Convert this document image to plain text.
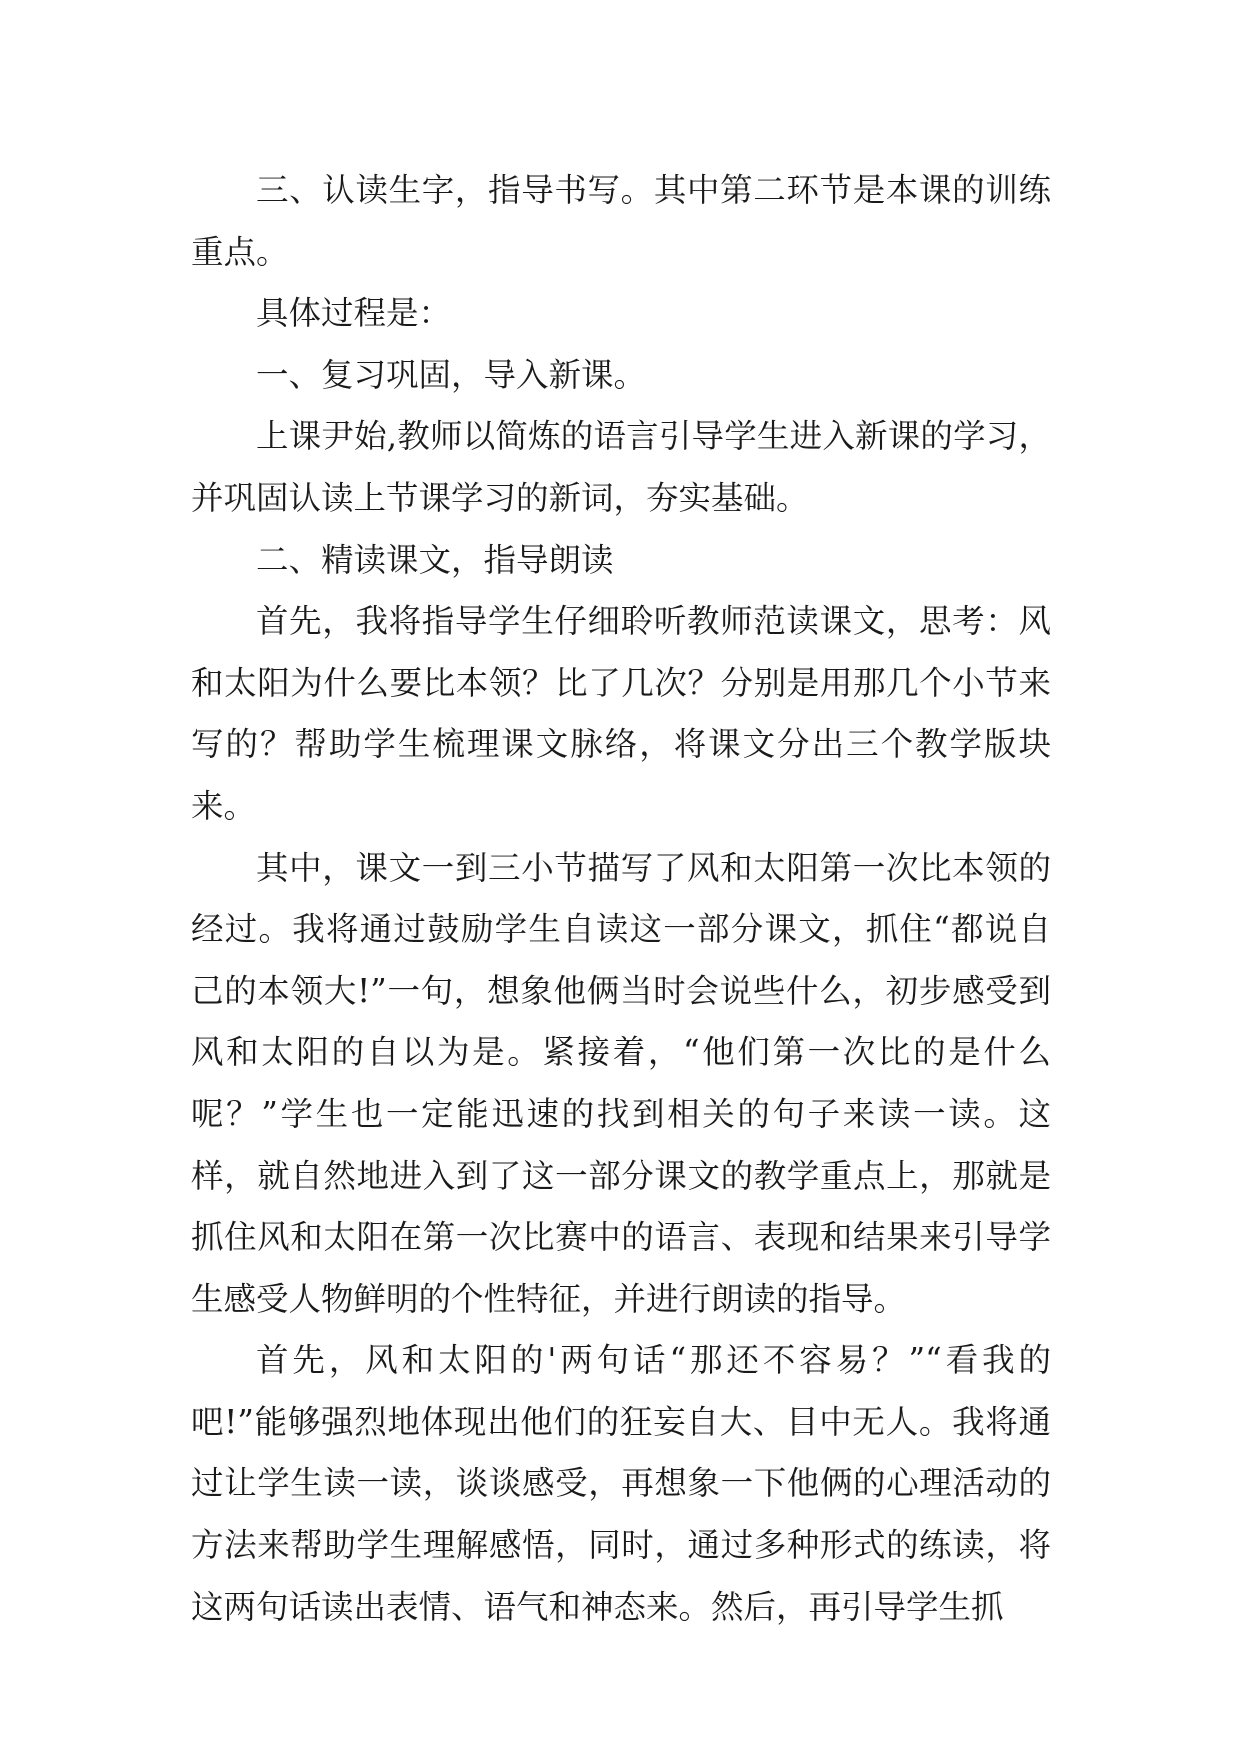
三、认读生字，指导书写。其中第二环节是本课的训练重点。

具体过程是：

一、复习巩固，导入新课。

上课尹始,教师以简炼的语言引导学生进入新课的学习，并巩固认读上节课学习的新词，夯实基础。

二、精读课文，指导朗读

首先，我将指导学生仔细聆听教师范读课文，思考：风和太阳为什么要比本领？比了几次？分别是用那几个小节来写的？帮助学生梳理课文脉络，将课文分出三个教学版块来。

其中，课文一到三小节描写了风和太阳第一次比本领的经过。我将通过鼓励学生自读这一部分课文，抓住“都说自己的本领大!”一句，想象他俩当时会说些什么，初步感受到风和太阳的自以为是。紧接着，“他们第一次比的是什么呢？”学生也一定能迅速的找到相关的句子来读一读。这样，就自然地进入到了这一部分课文的教学重点上，那就是抓住风和太阳在第一次比赛中的语言、表现和结果来引导学生感受人物鲜明的个性特征，并进行朗读的指导。

首先，风和太阳的'两句话“那还不容易？”“看我的吧!”能够强烈地体现出他们的狂妄自大、目中无人。我将通过让学生读一读，谈谈感受，再想象一下他俩的心理活动的方法来帮助学生理解感悟，同时，通过多种形式的练读，将这两句话读出表情、语气和神态来。然后，再引导学生抓
